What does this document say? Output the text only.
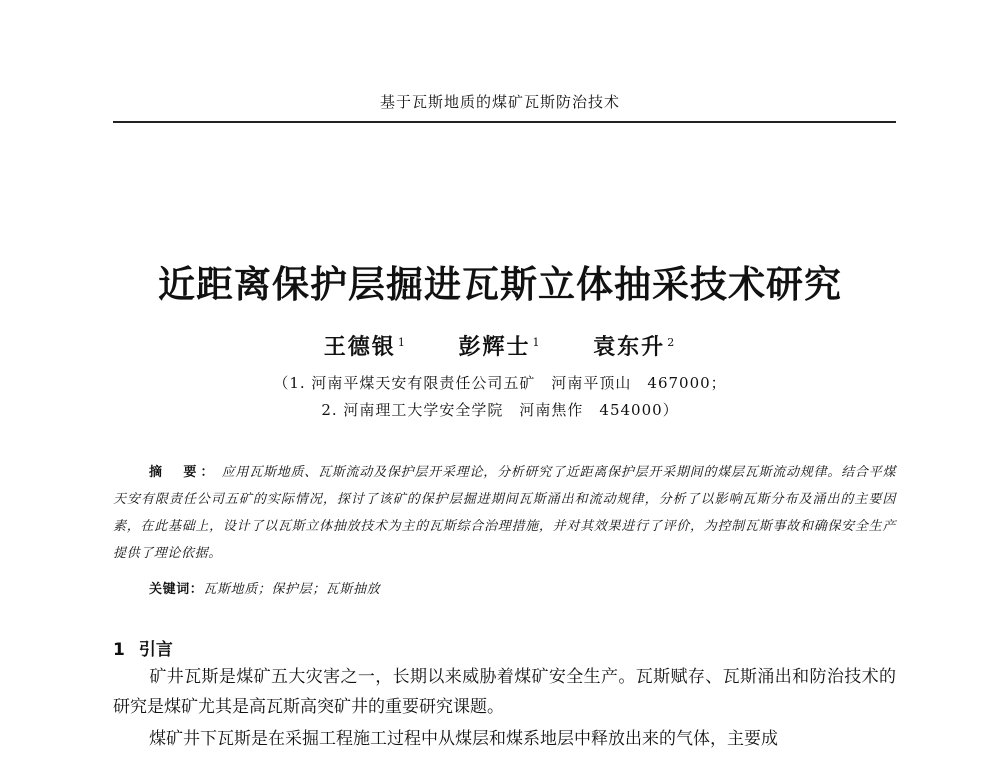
基于瓦斯地质的煤矿瓦斯防治技术
近距离保护层掘进瓦斯立体抽采技术研究
王德银 $^1$ 彭辉士 $^1$ 袁东升 $^2$
（1. 河南平煤天安有限责任公司五矿　河南平顶山　467000；
2. 河南理工大学安全学院　河南焦作　454000）
摘　要： 应用瓦斯地质、瓦斯流动及保护层开采理论，分析研究了近距离保护层开采期间的煤层瓦斯流动规律。结合平煤天安有限责任公司五矿的实际情况，探讨了该矿的保护层掘进期间瓦斯涌出和流动规律，分析了以影响瓦斯分布及涌出的主要因素，在此基础上，设计了以瓦斯立体抽放技术为主的瓦斯综合治理措施，并对其效果进行了评价，为控制瓦斯事故和确保安全生产提供了理论依据。
关键词：瓦斯地质；保护层；瓦斯抽放
1 引言
矿井瓦斯是煤矿五大灾害之一，长期以来威胁着煤矿安全生产。瓦斯赋存、瓦斯涌出和防治技术的研究是煤矿尤其是高瓦斯高突矿井的重要研究课题。
煤矿井下瓦斯是在采掘工程施工过程中从煤层和煤系地层中释放出来的气体，主要成
